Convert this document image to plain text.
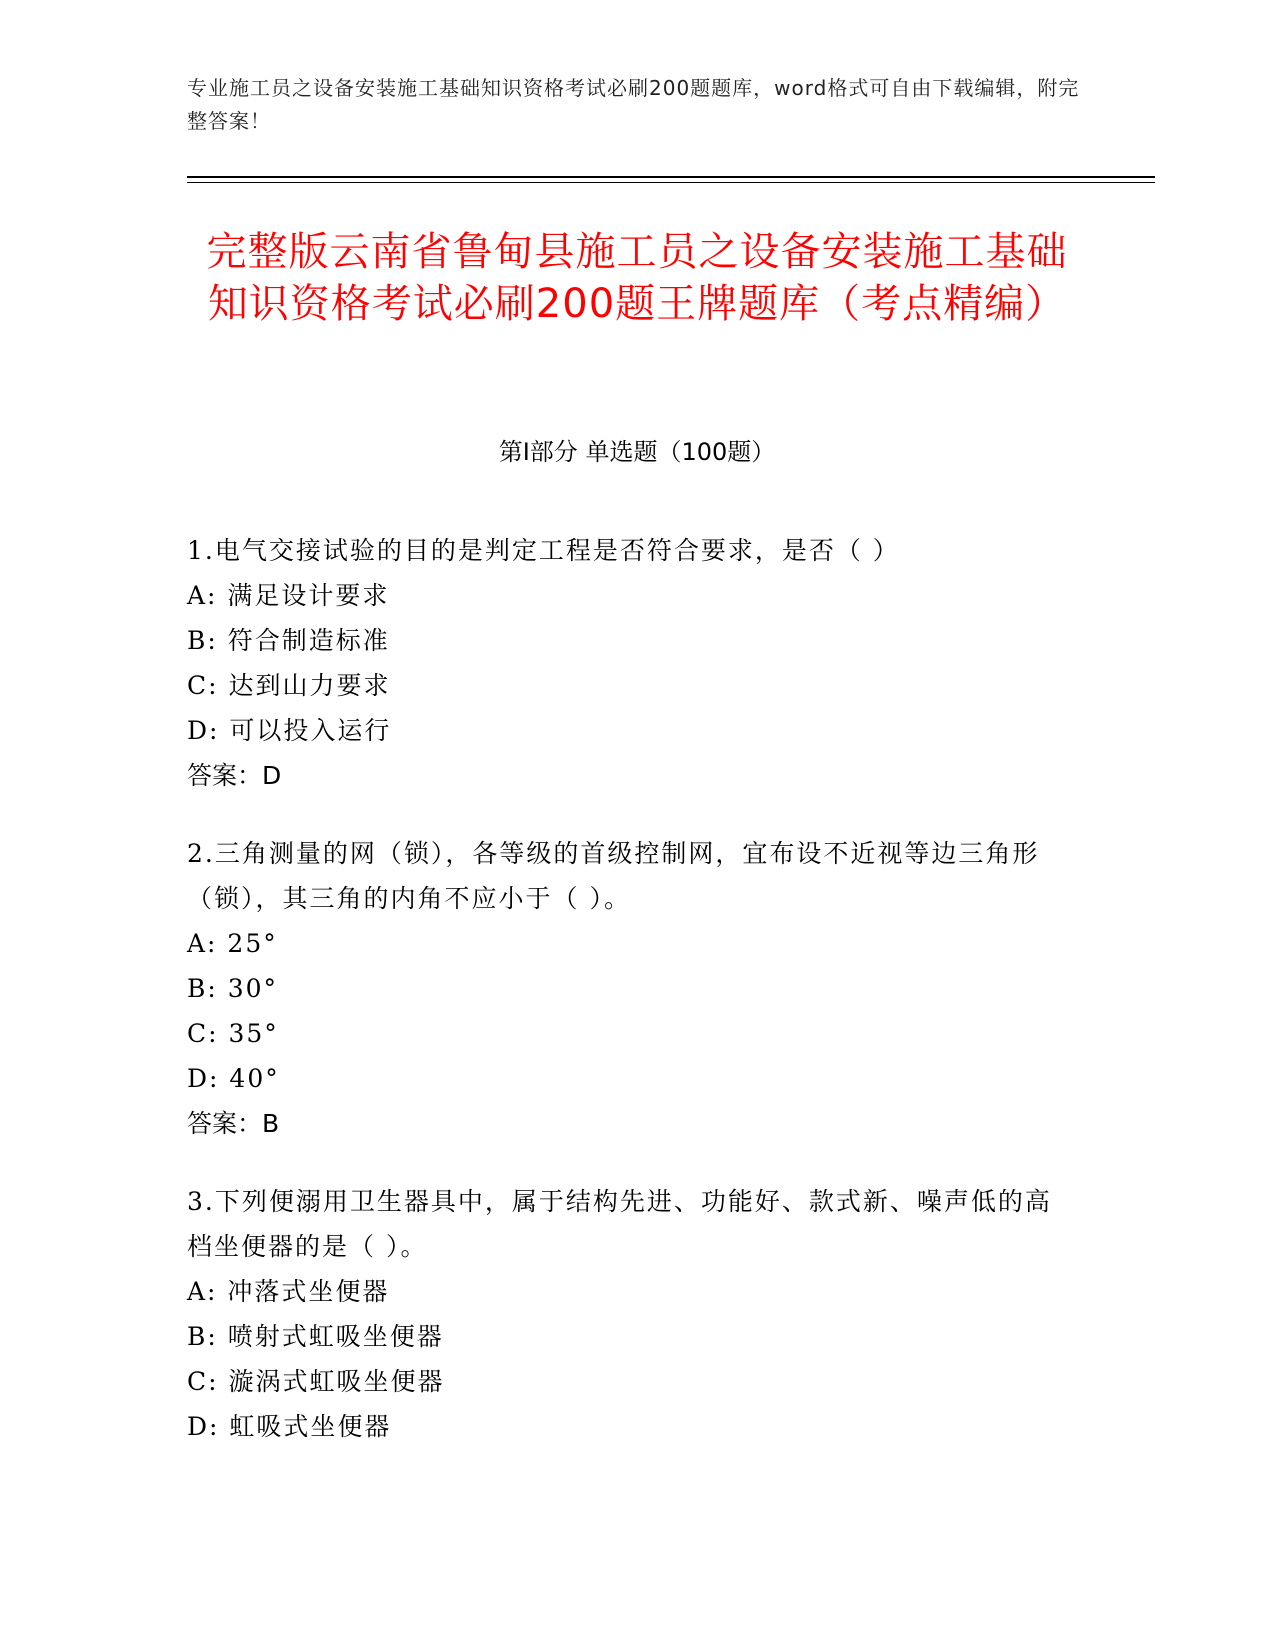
专业施工员之设备安装施工基础知识资格考试必刷200题题库，word格式可自由下载编辑，附完整答案！
完整版云南省鲁甸县施工员之设备安装施工基础知识资格考试必刷200题王牌题库（考点精编）
第Ⅰ部分 单选题（100题）
1.电气交接试验的目的是判定工程是否符合要求，是否（ ）
A: 满足设计要求
B: 符合制造标准
C: 达到山力要求
D: 可以投入运行
答案：D
2.三角测量的网（锁），各等级的首级控制网，宜布设不近视等边三角形（锁），其三角的内角不应小于（ ）。
A: 25°
B: 30°
C: 35°
D: 40°
答案：B
3.下列便溺用卫生器具中，属于结构先进、功能好、款式新、噪声低的高档坐便器的是（ ）。
A: 冲落式坐便器
B: 喷射式虹吸坐便器
C: 漩涡式虹吸坐便器
D: 虹吸式坐便器
